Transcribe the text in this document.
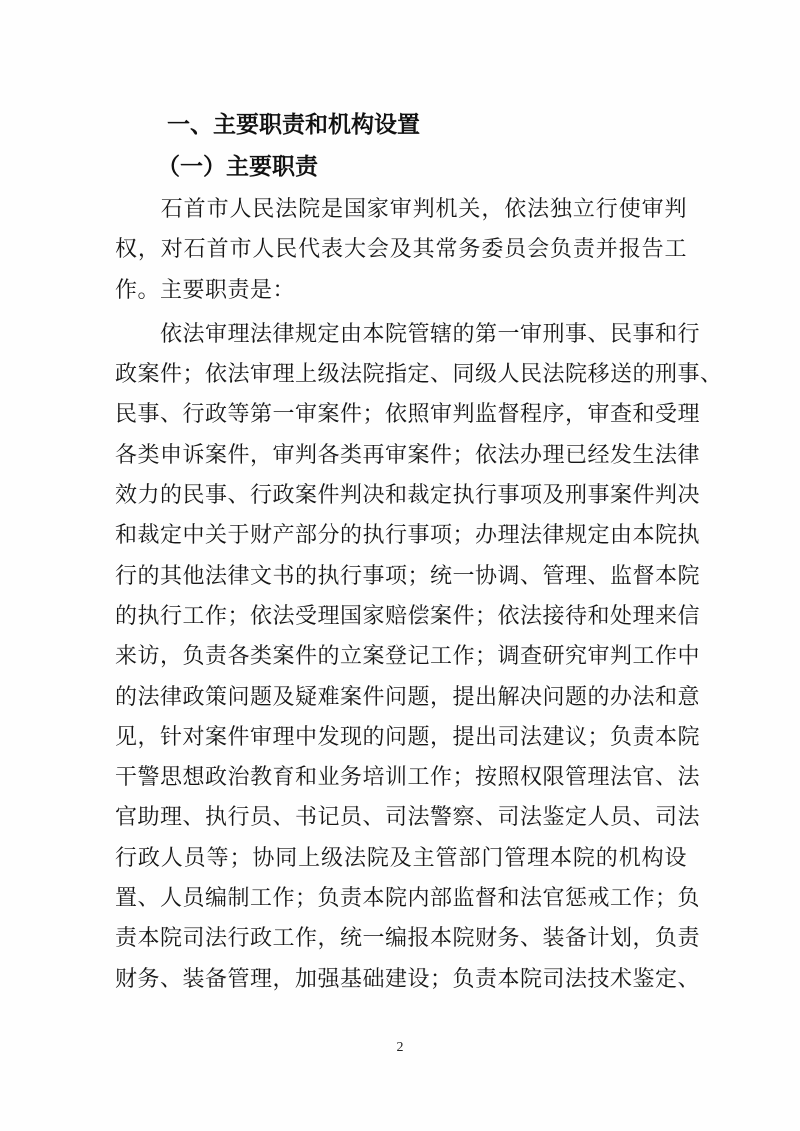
一、主要职责和机构设置
（一）主要职责
　　石首市人民法院是国家审判机关，依法独立行使审判
权，对石首市人民代表大会及其常务委员会负责并报告工
作。主要职责是：
　　依法审理法律规定由本院管辖的第一审刑事、民事和行
政案件；依法审理上级法院指定、同级人民法院移送的刑事、
民事、行政等第一审案件；依照审判监督程序，审查和受理
各类申诉案件，审判各类再审案件；依法办理已经发生法律
效力的民事、行政案件判决和裁定执行事项及刑事案件判决
和裁定中关于财产部分的执行事项；办理法律规定由本院执
行的其他法律文书的执行事项；统一协调、管理、监督本院
的执行工作；依法受理国家赔偿案件；依法接待和处理来信
来访，负责各类案件的立案登记工作；调查研究审判工作中
的法律政策问题及疑难案件问题，提出解决问题的办法和意
见，针对案件审理中发现的问题，提出司法建议；负责本院
干警思想政治教育和业务培训工作；按照权限管理法官、法
官助理、执行员、书记员、司法警察、司法鉴定人员、司法
行政人员等；协同上级法院及主管部门管理本院的机构设
置、人员编制工作；负责本院内部监督和法官惩戒工作；负
责本院司法行政工作，统一编报本院财务、装备计划，负责
财务、装备管理，加强基础建设；负责本院司法技术鉴定、
2
